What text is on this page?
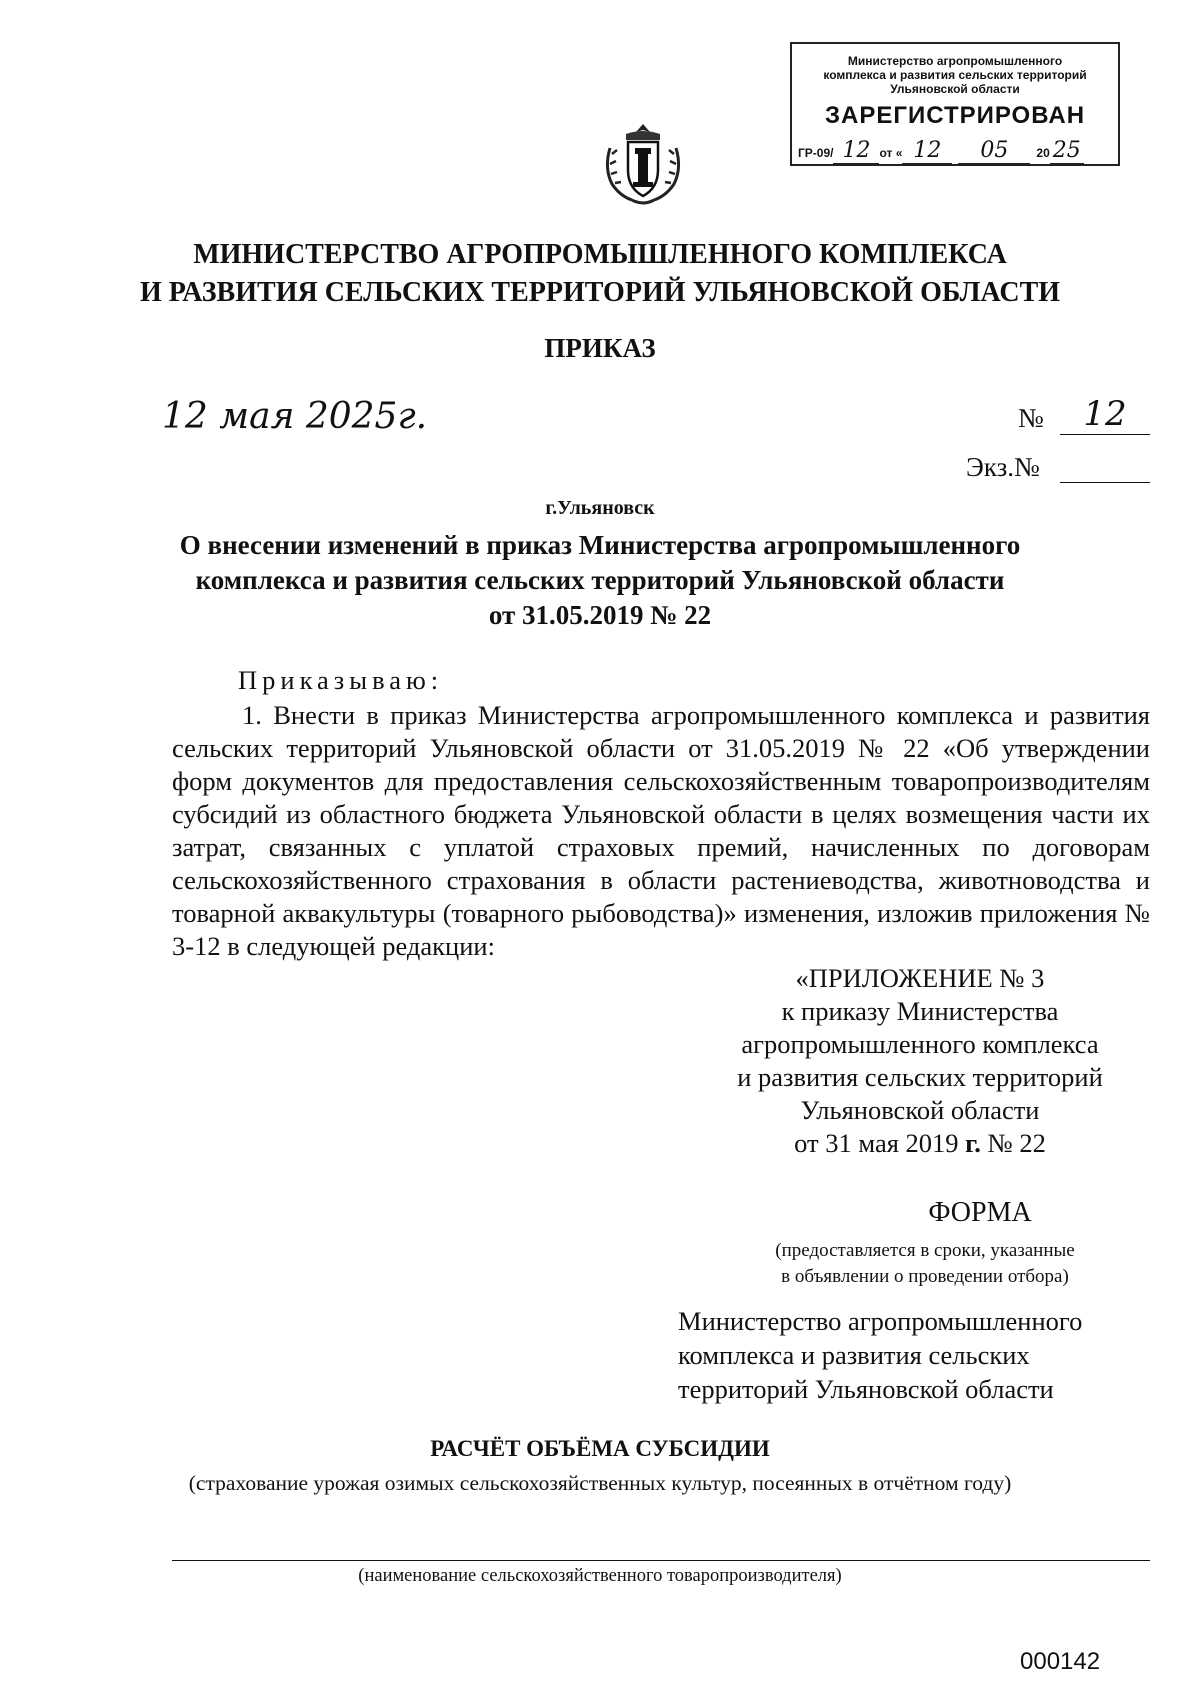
Министерство агропромышленного
комплекса и развития сельских территорий
Ульяновской области
ЗАРЕГИСТРИРОВАН
ГР-09/ 12 от « 12 05 20 25
МИНИСТЕРСТВО АГРОПРОМЫШЛЕННОГО КОМПЛЕКСА
И РАЗВИТИЯ СЕЛЬСКИХ ТЕРРИТОРИЙ УЛЬЯНОВСКОЙ ОБЛАСТИ
ПРИКАЗ
12 мая 2025г.	№	12
Экз.№
г.Ульяновск
О внесении изменений в приказ Министерства агропромышленного
комплекса и развития сельских территорий Ульяновской области
от 31.05.2019 № 22
Приказываю:
1. Внести в приказ Министерства агропромышленного комплекса и развития сельских территорий Ульяновской области от 31.05.2019 № 22 «Об утверждении форм документов для предоставления сельскохозяйственным товаропроизводителям субсидий из областного бюджета Ульяновской области в целях возмещения части их затрат, связанных с уплатой страховых премий, начисленных по договорам сельскохозяйственного страхования в области растениеводства, животноводства и товарной аквакультуры (товарного рыбоводства)» изменения, изложив приложения № 3-12 в следующей редакции:
«ПРИЛОЖЕНИЕ № 3
к приказу Министерства
агропромышленного комплекса
и развития сельских территорий
Ульяновской области
от 31 мая 2019 г. № 22
ФОРМА
(предоставляется в сроки, указанные
в объявлении о проведении отбора)
Министерство агропромышленного
комплекса и развития сельских
территорий Ульяновской области
РАСЧЁТ ОБЪЁМА СУБСИДИИ
(страхование урожая озимых сельскохозяйственных культур, посеянных в отчётном году)
(наименование сельскохозяйственного товаропроизводителя)
000142
